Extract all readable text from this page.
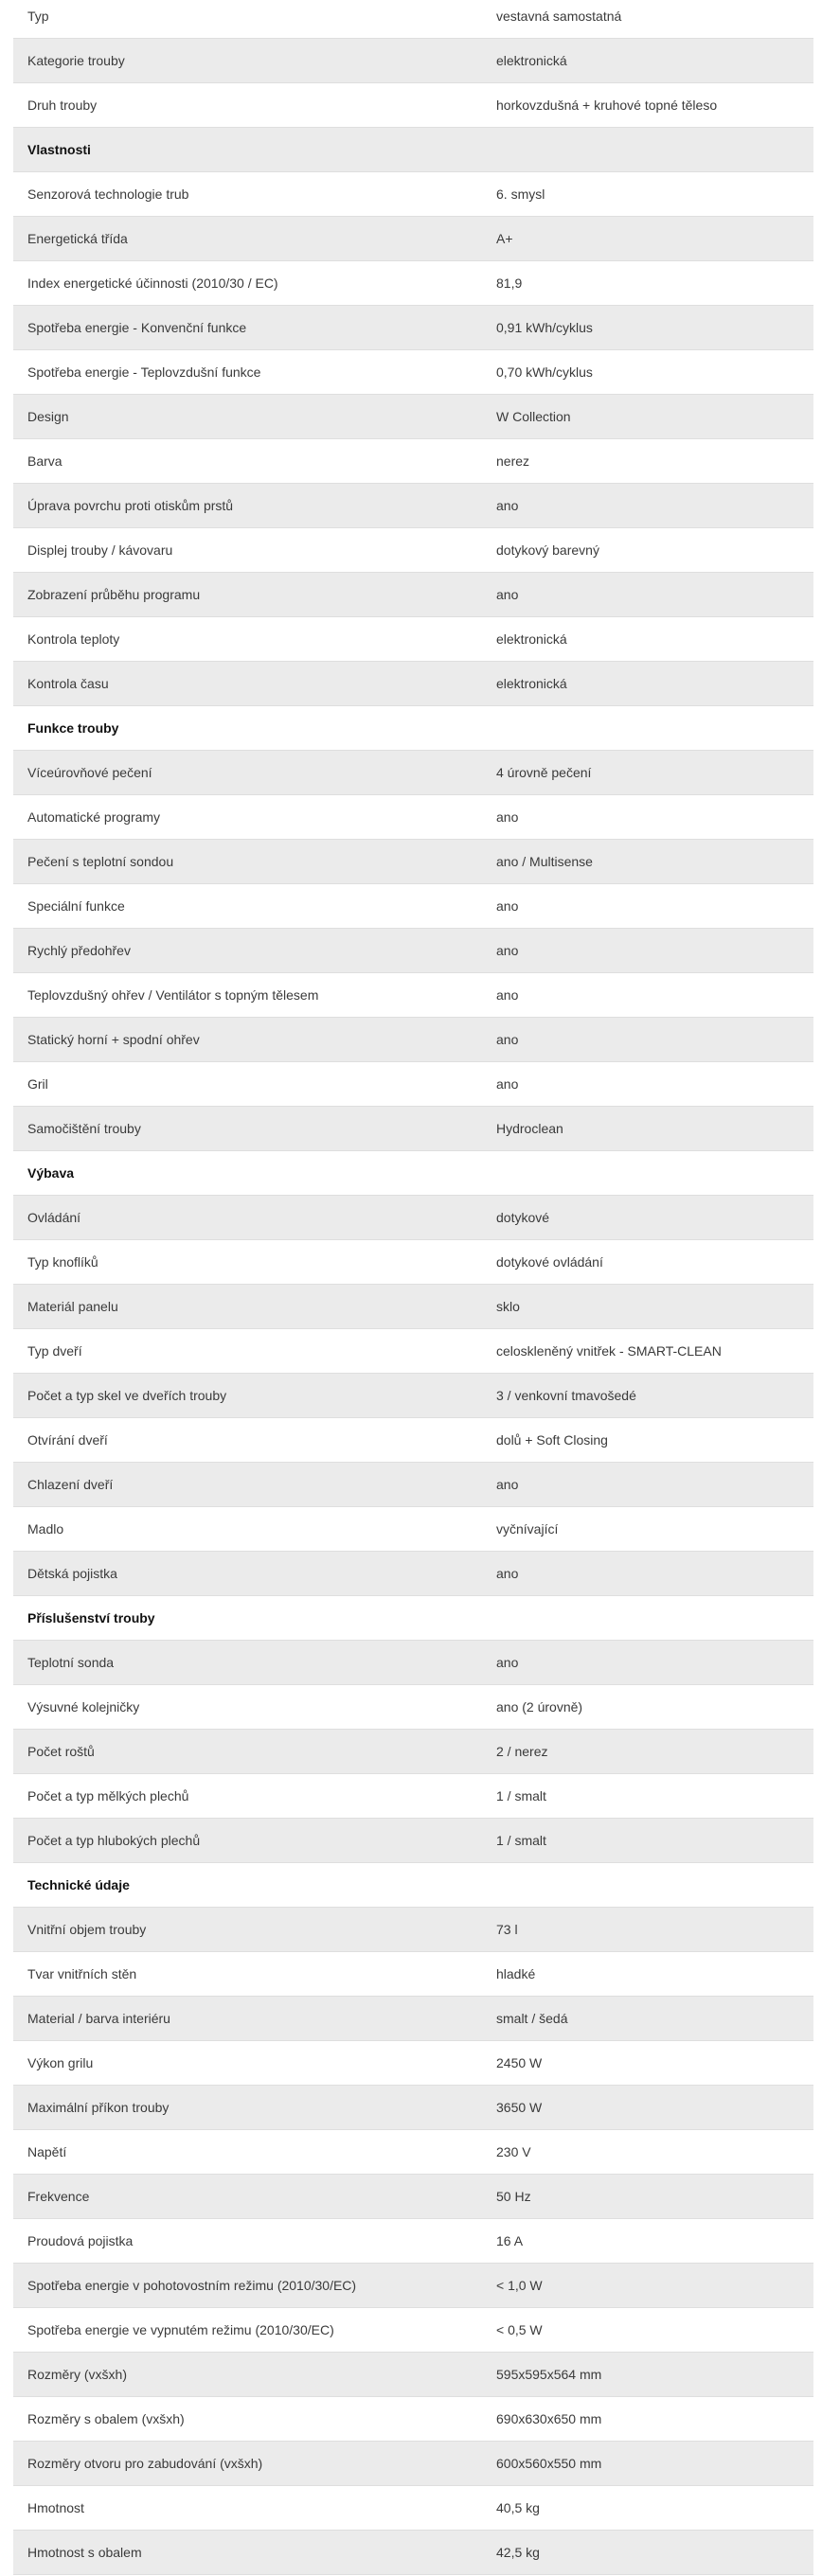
Typ	vestavná samostatná
Kategorie trouby	elektronická
Druh trouby	horkovzdušná + kruhové topné těleso
Vlastnosti
Senzorová technologie trub	6. smysl
Energetická třída	A+
Index energetické účinnosti (2010/30 / EC)	81,9
Spotřeba energie - Konvenční funkce	0,91 kWh/cyklus
Spotřeba energie - Teplovzdušní funkce	0,70 kWh/cyklus
Design	W Collection
Barva	nerez
Úprava povrchu proti otiskům prstů	ano
Displej trouby / kávovaru	dotykový barevný
Zobrazení průběhu programu	ano
Kontrola teploty	elektronická
Kontrola času	elektronická
Funkce trouby
Víceúrovňové pečení	4 úrovně pečení
Automatické programy	ano
Pečení s teplotní sondou	ano / Multisense
Speciální funkce	ano
Rychlý předohřev	ano
Teplovzdušný ohřev / Ventilátor s topným tělesem	ano
Statický horní + spodní ohřev	ano
Gril	ano
Samočištění trouby	Hydroclean
Výbava
Ovládání	dotykové
Typ knoflíků	dotykové ovládání
Materiál panelu	sklo
Typ dveří	celoskleněný vnitřek - SMART-CLEAN
Počet a typ skel ve dveřích trouby	3 / venkovní tmavošedé
Otvírání dveří	dolů + Soft Closing
Chlazení dveří	ano
Madlo	vyčnívající
Dětská pojistka	ano
Příslušenství trouby
Teplotní sonda	ano
Výsuvné kolejničky	ano (2 úrovně)
Počet roštů	2 / nerez
Počet a typ mělkých plechů	1 / smalt
Počet a typ hlubokých plechů	1 / smalt
Technické údaje
Vnitřní objem trouby	73 l
Tvar vnitřních stěn	hladké
Material / barva interiéru	smalt / šedá
Výkon grilu	2450 W
Maximální příkon trouby	3650 W
Napětí	230 V
Frekvence	50 Hz
Proudová pojistka	16 A
Spotřeba energie v pohotovostním režimu (2010/30/EC)	< 1,0 W
Spotřeba energie ve vypnutém režimu (2010/30/EC)	< 0,5 W
Rozměry (vxšxh)	595x595x564 mm
Rozměry s obalem (vxšxh)	690x630x650 mm
Rozměry otvoru pro zabudování (vxšxh)	600x560x550 mm
Hmotnost	40,5 kg
Hmotnost s obalem	42,5 kg
